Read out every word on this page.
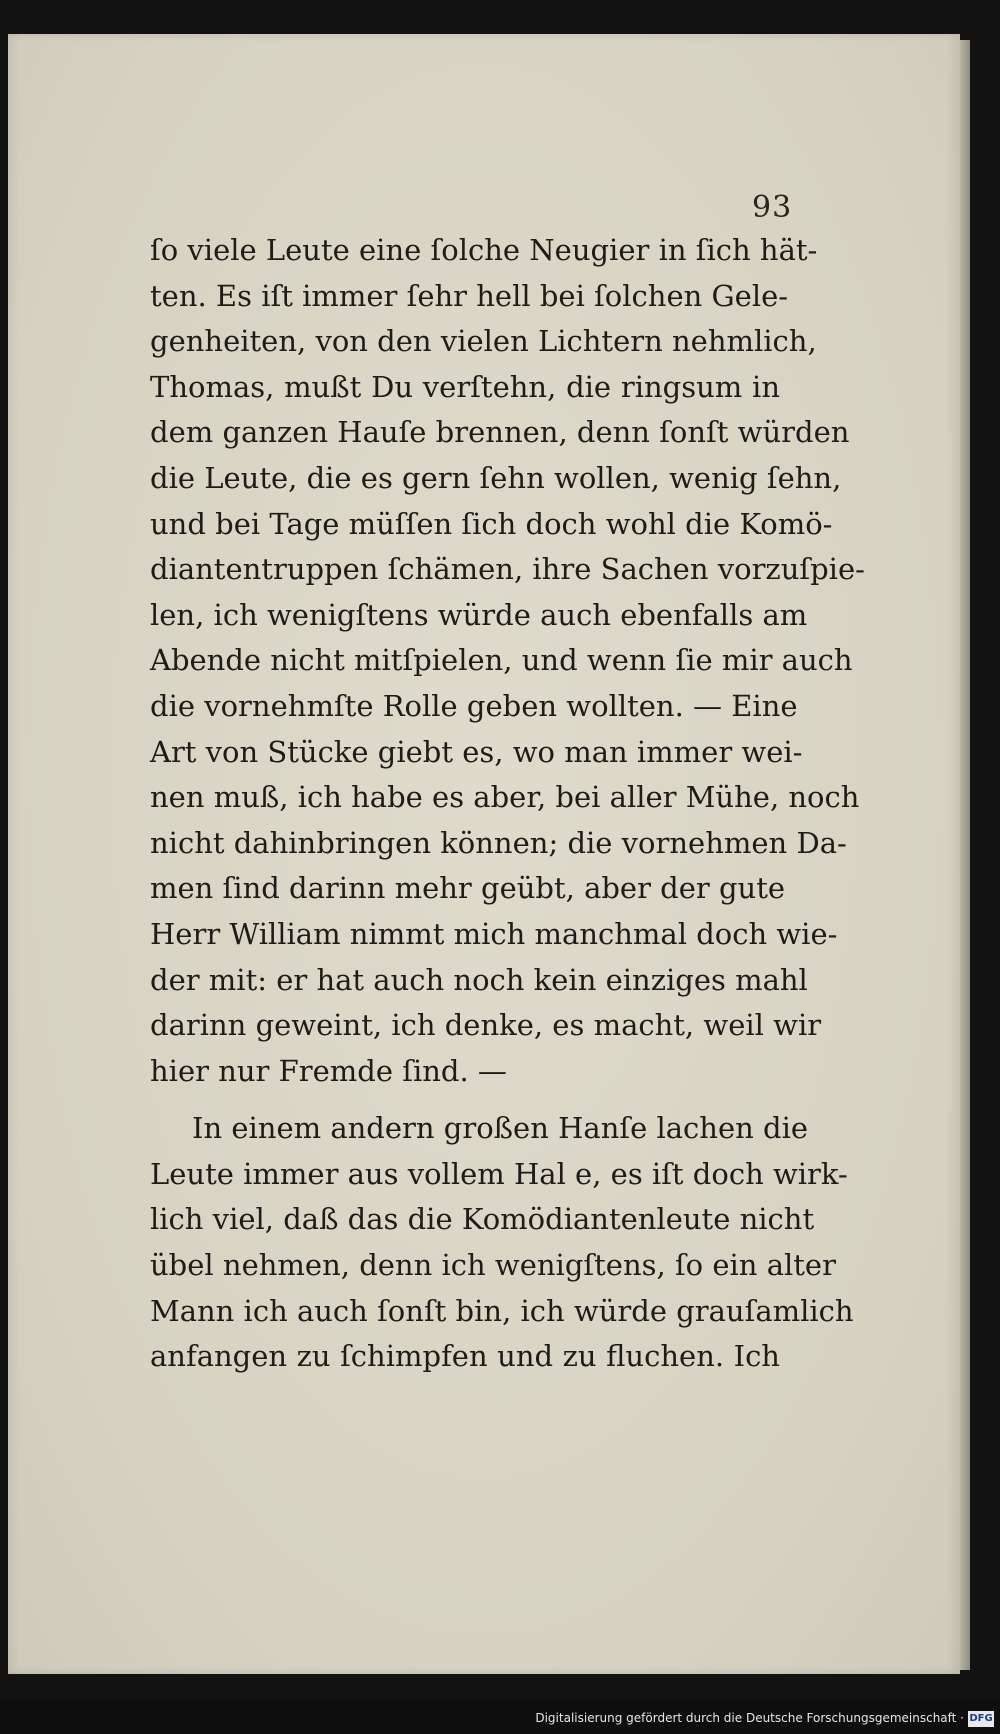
93
ſo viele Leute eine ſolche Neugier in ſich hät-
ten. Es iſt immer ſehr hell bei ſolchen Gele-
genheiten, von den vielen Lichtern nehmlich,
Thomas, mußt Du verſtehn, die ringsum in
dem ganzen Hauſe brennen, denn ſonſt würden
die Leute, die es gern ſehn wollen, wenig ſehn,
und bei Tage müſſen ſich doch wohl die Komö-
diantentruppen ſchämen, ihre Sachen vorzuſpie-
len, ich wenigſtens würde auch ebenfalls am
Abende nicht mitſpielen, und wenn ſie mir auch
die vornehmſte Rolle geben wollten. — Eine
Art von Stücke giebt es, wo man immer wei-
nen muß, ich habe es aber, bei aller Mühe, noch
nicht dahinbringen können; die vornehmen Da-
men ſind darinn mehr geübt, aber der gute
Herr William nimmt mich manchmal doch wie-
der mit: er hat auch noch kein einziges mahl
darinn geweint, ich denke, es macht, weil wir
hier nur Fremde ſind. —
In einem andern großen Hanſe lachen die
Leute immer aus vollem Hal e, es iſt doch wirk-
lich viel, daß das die Komödiantenleute nicht
übel nehmen, denn ich wenigſtens, ſo ein alter
Mann ich auch ſonſt bin, ich würde grauſamlich
anfangen zu ſchimpfen und zu fluchen. Ich
Digitalisierung gefördert durch die Deutsche Forschungsgemeinschaft · DFG
